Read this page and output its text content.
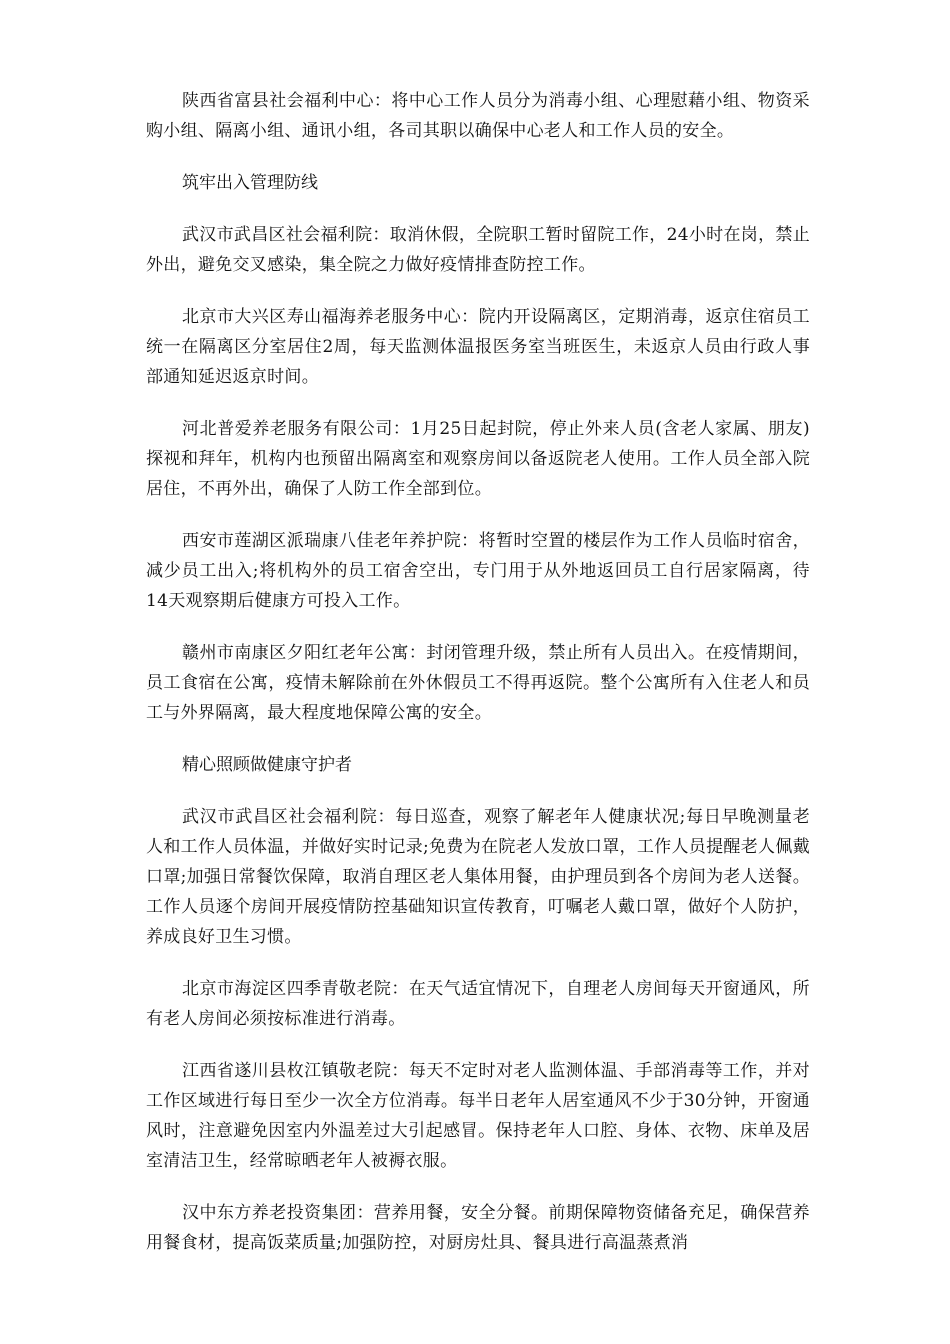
陕西省富县社会福利中心：将中心工作人员分为消毒小组、心理慰藉小组、物资采购小组、隔离小组、通讯小组，各司其职以确保中心老人和工作人员的安全。

筑牢出入管理防线

武汉市武昌区社会福利院：取消休假，全院职工暂时留院工作，24小时在岗，禁止外出，避免交叉感染，集全院之力做好疫情排查防控工作。

北京市大兴区寿山福海养老服务中心：院内开设隔离区，定期消毒，返京住宿员工统一在隔离区分室居住2周，每天监测体温报医务室当班医生，未返京人员由行政人事部通知延迟返京时间。

河北普爱养老服务有限公司：1月25日起封院，停止外来人员(含老人家属、朋友)探视和拜年，机构内也预留出隔离室和观察房间以备返院老人使用。工作人员全部入院居住，不再外出，确保了人防工作全部到位。

西安市莲湖区派瑞康八佳老年养护院：将暂时空置的楼层作为工作人员临时宿舍，减少员工出入;将机构外的员工宿舍空出，专门用于从外地返回员工自行居家隔离，待14天观察期后健康方可投入工作。

赣州市南康区夕阳红老年公寓：封闭管理升级，禁止所有人员出入。在疫情期间，员工食宿在公寓，疫情未解除前在外休假员工不得再返院。整个公寓所有入住老人和员工与外界隔离，最大程度地保障公寓的安全。

精心照顾做健康守护者

武汉市武昌区社会福利院：每日巡查，观察了解老年人健康状况;每日早晚测量老人和工作人员体温，并做好实时记录;免费为在院老人发放口罩，工作人员提醒老人佩戴口罩;加强日常餐饮保障，取消自理区老人集体用餐，由护理员到各个房间为老人送餐。工作人员逐个房间开展疫情防控基础知识宣传教育，叮嘱老人戴口罩，做好个人防护，养成良好卫生习惯。

北京市海淀区四季青敬老院：在天气适宜情况下，自理老人房间每天开窗通风，所有老人房间必须按标准进行消毒。

江西省遂川县枚江镇敬老院：每天不定时对老人监测体温、手部消毒等工作，并对工作区域进行每日至少一次全方位消毒。每半日老年人居室通风不少于30分钟，开窗通风时，注意避免因室内外温差过大引起感冒。保持老年人口腔、身体、衣物、床单及居室清洁卫生，经常晾晒老年人被褥衣服。

汉中东方养老投资集团：营养用餐，安全分餐。前期保障物资储备充足，确保营养用餐食材，提高饭菜质量;加强防控，对厨房灶具、餐具进行高温蒸煮消
